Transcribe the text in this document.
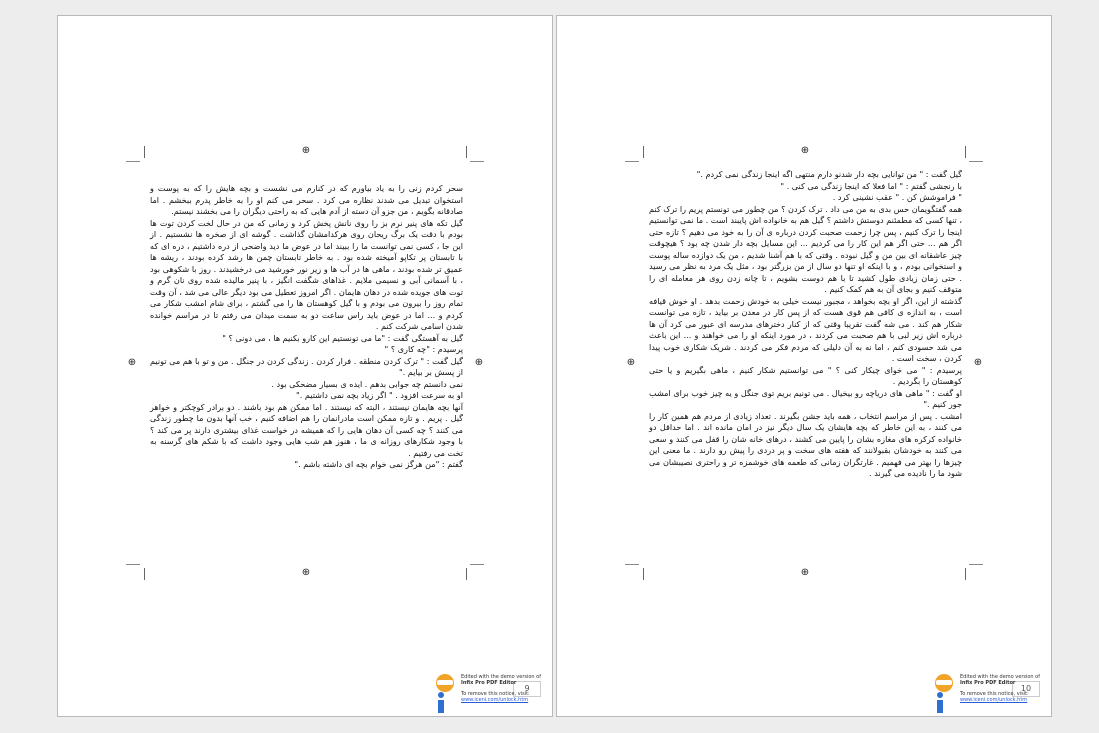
⊕
⊕
⊕	⊕

سحر کردم زنی را به یاد بیاورم که در کنارم می نشست و بچه هایش را که به پوست و استخوان تبدیل می شدند نظاره می کرد . سحر می کنم او را به خاطر پدرم ببخشم . اما صادقانه بگویم ، من جزو آن دسته از آدم هایی که به راحتی دیگران را می بخشند نیستم.

گیل تکه های پنیر نرم بز را روی نانش پخش کرد و زمانی که من در حال لخت کردن توت ها بودم با دقت یک برگ ریحان روی هرکدامشان گذاشت . گوشه ای از صخره ها نشستیم . از این جا ، کسی نمی توانست ما را ببیند اما در عوض ما دید واضحی از دره داشتیم ، دره ای که با تابستان پر تکاپو آمیخته شده بود . به خاطر تابستان چمن ها رشد کرده بودند ، ریشه ها عمیق تر شده بودند ، ماهی ها در آب ها و زیر نور خورشید می درخشیدند . روز با شکوهی بود ، با آسمانی آبی و نسیمی ملایم . غذاهای شگفت انگیز ، با پنیر مالیده شده روی نان گرم و توت های جویده شده در دهان هایمان . اگر امروز تعطیل می بود دیگر عالی می شد ، آن وقت تمام روز را بیرون می بودم و با گیل کوهستان ها را می گشتم ، برای شام امشب شکار می کردم و ... اما در عوض باید راس ساعت دو به سمت میدان می رفتم تا در مراسم خوانده شدن اسامی شرکت کنم .

گیل به آهستگی گفت : "ما می تونستیم این کارو بکنیم ها ، می دونی ؟ "

پرسیدم : "چه کاری ؟ "

گیل گفت : " ترک کردن منطقه . فرار کردن . زندگی کردن در جنگل . من و تو با هم می تونیم از پسش بر بیایم ."

نمی دانستم چه جوابی بدهم . ایده ی بسیار مضحکی بود .

او به سرعت افزود . " اگر زیاد بچه نمی داشتیم ."

آنها بچه هایمان نیستند ، البته که نیستند . اما ممکن هم بود باشند . دو برادر کوچکتر و خواهر گیل . پریم . و تازه ممکن است مادرانمان را هم اضافه کنیم ، خب آنها بدون ما چطور زندگی می کنند ؟ چه کسی آن دهان هایی را که همیشه در خواست غذای بیشتری دارند پر می کند ؟ با وجود شکارهای روزانه ی ما ، هنوز هم شب هایی وجود داشت که با شکم های گرسنه به تخت می رفتیم .

گفتم : "من هرگز نمی خوام بچه ای داشته باشم ."

9
Edited with the demo version of
Infix Pro PDF Editor
To remove this notice, visit:
www.iceni.com/unlock.htm
⊕
⊕
⊕	⊕

گیل گفت : " من توانایی بچه دار شدنو دارم منتهی اگه اینجا زندگی نمی کردم ."

با رنجشی گفتم : " اما فعلا که اینجا زندگی می کنی . "

" فراموشش کن . " عقب نشینی کرد .

همه گفتگویمان حس بدی به من می داد . ترک کردن ؟ من چطور می تونستم پریم را ترک کنم ، تنها کسی که مطمئنم دوستش داشتم ؟ گیل هم به خانواده اش پایبند است . ما نمی توانستیم اینجا را ترک کنیم ، پس چرا زحمت صحبت کردن درباره ی آن را به خود می دهیم ؟ تازه حتی اگر هم ... حتی اگر هم این کار را می کردیم ... این مسایل بچه دار شدن چه بود ؟ هیچوقت چیز عاشقانه ای بین من و گیل نبوده . وقتی که با هم آشنا شدیم ، من یک دوازده ساله پوست و استخوانی بودم ، و با اینکه او تنها دو سال از من بزرگتر بود ، مثل یک مرد به نظر می رسید . حتی زمان زیادی طول کشید تا با هم دوست بشویم ، تا چانه زدن روی هر معامله ای را متوقف کنیم و بجای آن به هم کمک کنیم .

گذشته از این، اگر او بچه بخواهد ، مجبور نیست خیلی به خودش زحمت بدهد . او خوش قیافه است ، به اندازه ی کافی هم قوی هست که از پس کار در معدن بر بیاید ، تازه می توانست شکار هم کند . می شه گفت تقریبا وقتی که از کنار دخترهای مدرسه ای عبور می کرد آن ها درباره اش زیر لبی با هم صحبت می کردند ، در مورد اینکه او را می خواهند و ... این باعث می شد حسودی کنم ، اما نه به آن دلیلی که مردم فکر می کردند . شریک شکاری خوب پیدا کردن ، سخت است .

پرسیدم : " می خوای چیکار کنی ؟ " می توانستیم شکار کنیم ، ماهی بگیریم و یا حتی کوهستان را بگردیم .

او گفت : " ماهی های دریاچه رو بیخیال . می تونیم بریم توی جنگل و یه چیز خوب برای امشب جور کنیم ."

امشب . پس از مراسم انتخاب ، همه باید جشن بگیرند . تعداد زیادی از مردم هم همین کار را می کنند ، به این خاطر که بچه هایشان یک سال دیگر نیز در امان مانده اند . اما حداقل دو خانواده کرکره های مغازه بشان را پایین می کشند ، درهای خانه شان را قفل می کنند و سعی می کنند به خودشان بقبولانند که هفته های سخت و پر دردی را پیش رو دارند . ما معنی این چیزها را بهتر می فهمیم . غارتگران زمانی که طعمه های خوشمزه تر و راحتری نصیبشان می شود ما را نادیده می گیرند .

10
Edited with the demo version of
Infix Pro PDF Editor
To remove this notice, visit:
www.iceni.com/unlock.htm
